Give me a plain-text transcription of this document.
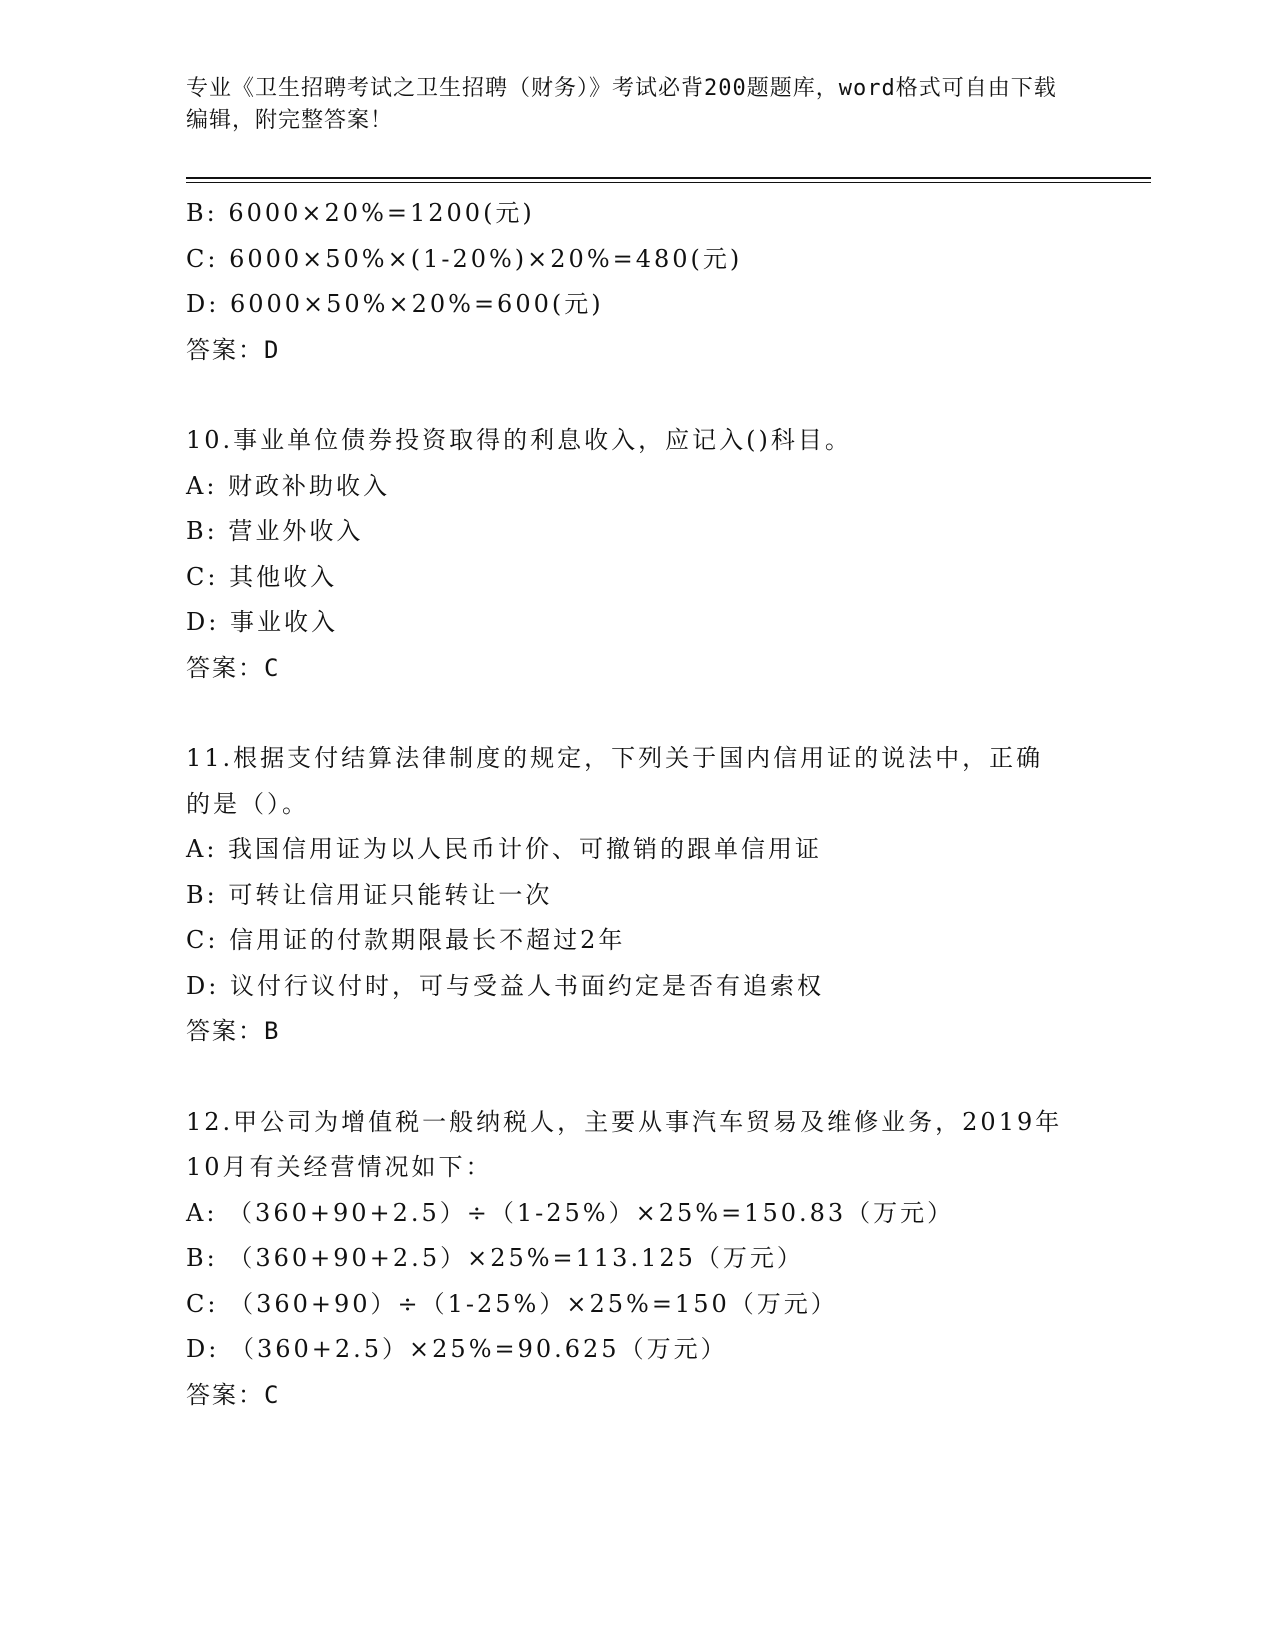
专业《卫生招聘考试之卫生招聘（财务）》考试必背200题题库，word格式可自由下载编辑，附完整答案！
B: 6000×20%=1200(元)
C: 6000×50%×(1-20%)×20%=480(元)
D: 6000×50%×20%=600(元)
答案：D
10.事业单位债券投资取得的利息收入，应记入()科目。
A: 财政补助收入
B: 营业外收入
C: 其他收入
D: 事业收入
答案：C
11.根据支付结算法律制度的规定，下列关于国内信用证的说法中，正确的是（）。
A: 我国信用证为以人民币计价、可撤销的跟单信用证
B: 可转让信用证只能转让一次
C: 信用证的付款期限最长不超过2年
D: 议付行议付时，可与受益人书面约定是否有追索权
答案：B
12.甲公司为增值税一般纳税人，主要从事汽车贸易及维修业务，2019年10月有关经营情况如下：
A: （360+90+2.5）÷（1-25%）×25%=150.83（万元）
B: （360+90+2.5）×25%=113.125（万元）
C: （360+90）÷（1-25%）×25%=150（万元）
D: （360+2.5）×25%=90.625（万元）
答案：C
